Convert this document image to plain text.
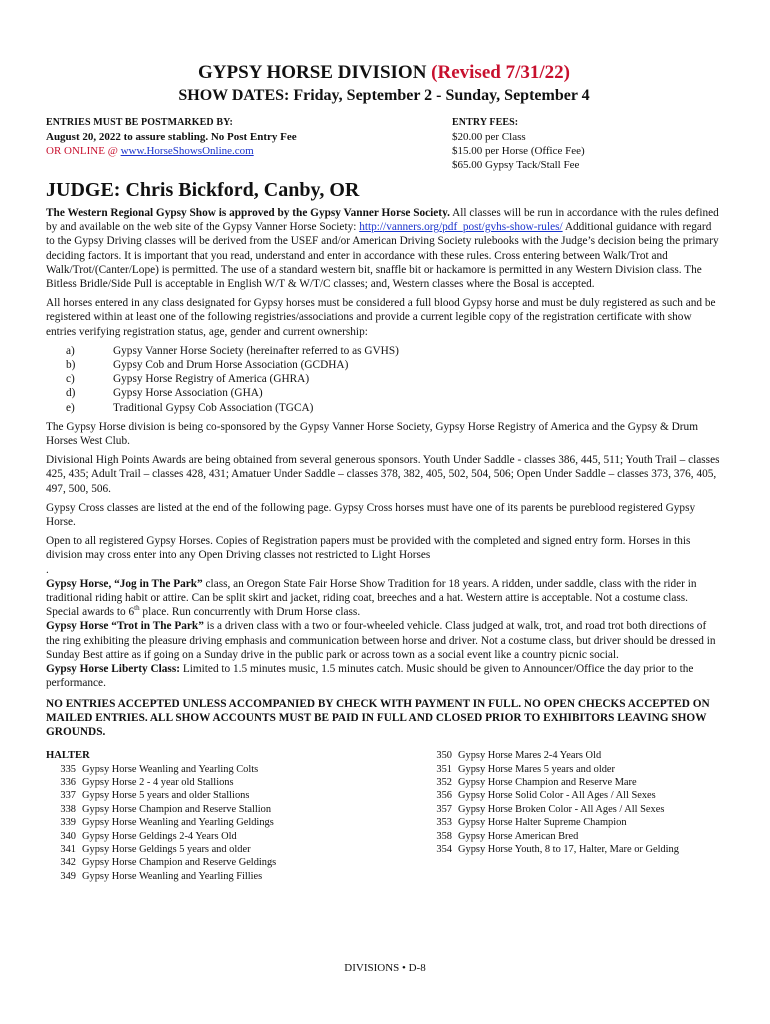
GYPSY HORSE DIVISION (Revised 7/31/22)
SHOW DATES: Friday, September 2 - Sunday, September 4
ENTRIES MUST BE POSTMARKED BY:
August 20, 2022 to assure stabling. No Post Entry Fee
OR ONLINE @ www.HorseShowsOnline.com
ENTRY FEES:
$20.00 per Class
$15.00 per Horse (Office Fee)
$65.00 Gypsy Tack/Stall Fee
JUDGE: Chris Bickford, Canby, OR

The Western Regional Gypsy Show is approved by the Gypsy Vanner Horse Society. All classes will be run in accordance with the rules defined by and available on the web site of the Gypsy Vanner Horse Society: http://vanners.org/pdf_post/gvhs-show-rules/ Additional guidance with regard to the Gypsy Driving classes will be derived from the USEF and/or American Driving Society rulebooks with the Judge’s decision being the primary deciding factors. It is important that you read, understand and enter in accordance with these rules. Cross entering between Walk/Trot and Walk/Trot/(Canter/Lope) is permitted. The use of a standard western bit, snaffle bit or hackamore is permitted in any Western Division class. The Bitless Bridle/Side Pull is acceptable in English W/T & W/T/C classes; and, Western classes where the Bosal is accepted.

All horses entered in any class designated for Gypsy horses must be considered a full blood Gypsy horse and must be duly registered as such and be registered within at least one of the following registries/associations and provide a current legible copy of the registration certificate with show entries verifying registration status, age, gender and current ownership:

a)	Gypsy Vanner Horse Society (hereinafter referred to as GVHS)
b)	Gypsy Cob and Drum Horse Association (GCDHA)
c)	Gypsy Horse Registry of America (GHRA)
d)	Gypsy Horse Association (GHA)
e)	Traditional Gypsy Cob Association (TGCA)

The Gypsy Horse division is being co-sponsored by the Gypsy Vanner Horse Society, Gypsy Horse Registry of America and the Gypsy & Drum Horses West Club.

Divisional High Points Awards are being obtained from several generous sponsors. Youth Under Saddle - classes 386, 445, 511; Youth Trail – classes 425, 435; Adult Trail – classes 428, 431; Amatuer Under Saddle – classes 378, 382, 405, 502, 504, 506; Open Under Saddle – classes 373, 376, 405, 497, 500, 506.

Gypsy Cross classes are listed at the end of the following page. Gypsy Cross horses must have one of its parents be pureblood registered Gypsy Horse.

Open to all registered Gypsy Horses. Copies of Registration papers must be provided with the completed and signed entry form. Horses in this division may cross enter into any Open Driving classes not restricted to Light Horses
.

Gypsy Horse, “Jog in The Park” class, an Oregon State Fair Horse Show Tradition for 18 years. A ridden, under saddle, class with the rider in traditional riding habit or attire. Can be split skirt and jacket, riding coat, breeches and a hat. Western attire is acceptable. Not a costume class. Special awards to 6th place. Run concurrently with Drum Horse class.

Gypsy Horse “Trot in The Park” is a driven class with a two or four-wheeled vehicle. Class judged at walk, trot, and road trot both directions of the ring exhibiting the pleasure driving emphasis and communication between horse and driver. Not a costume class, but driver should be dressed in Sunday Best attire as if going on a Sunday drive in the public park or across town as a social event like a country picnic social.

Gypsy Horse Liberty Class: Limited to 1.5 minutes music, 1.5 minutes catch. Music should be given to Announcer/Office the day prior to the performance.

NO ENTRIES ACCEPTED UNLESS ACCOMPANIED BY CHECK WITH PAYMENT IN FULL. NO OPEN CHECKS ACCEPTED ON MAILED ENTRIES. ALL SHOW ACCOUNTS MUST BE PAID IN FULL AND CLOSED PRIOR TO EXHIBITORS LEAVING SHOW GROUNDS.
HALTER
335 Gypsy Horse Weanling and Yearling Colts
336 Gypsy Horse 2 - 4 year old Stallions
337 Gypsy Horse 5 years and older Stallions
338 Gypsy Horse Champion and Reserve Stallion
339 Gypsy Horse Weanling and Yearling Geldings
340 Gypsy Horse Geldings 2-4 Years Old
341 Gypsy Horse Geldings 5 years and older
342 Gypsy Horse Champion and Reserve Geldings
349 Gypsy Horse Weanling and Yearling Fillies
350 Gypsy Horse Mares 2-4 Years Old
351 Gypsy Horse Mares 5 years and older
352 Gypsy Horse Champion and Reserve Mare
356 Gypsy Horse Solid Color - All Ages / All Sexes
357 Gypsy Horse Broken Color - All Ages / All Sexes
353 Gypsy Horse Halter Supreme Champion
358 Gypsy Horse American Bred
354 Gypsy Horse Youth, 8 to 17, Halter, Mare or Gelding
DIVISIONS • D-8
